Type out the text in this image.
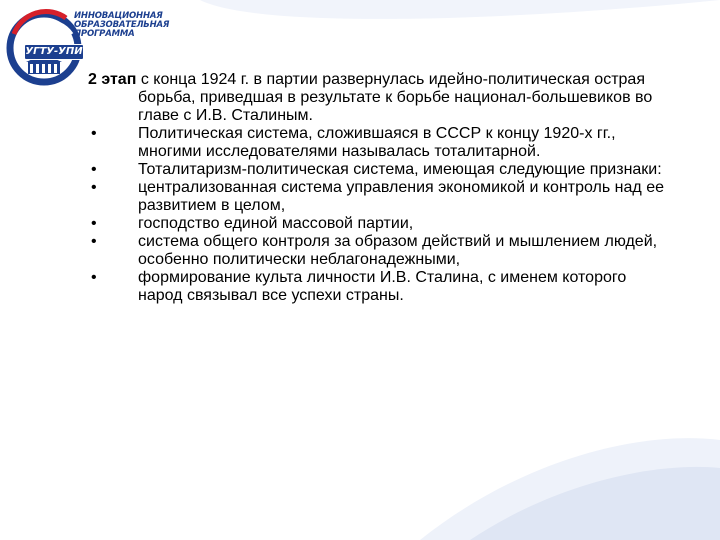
ИННОВАЦИОННАЯ
ОБРАЗОВАТЕЛЬНАЯ
ПРОГРАММА
УГТУ-УПИ

2 этап с конца 1924 г. в партии развернулась идейно-политическая острая борьба, приведшая в результате к борьбе национал-большевиков во главе с И.В. Сталиным.

•	Политическая система, сложившаяся в СССР к концу 1920-х гг., многими исследователями называлась тоталитарной.
•	Тоталитаризм-политическая система, имеющая следующие признаки:
•	централизованная система управления экономикой и контроль над ее развитием в целом,
•	господство единой массовой партии,
•	система общего контроля за образом действий и мышлением людей, особенно политически неблагонадежными,
•	формирование культа личности И.В. Сталина, с именем которого народ связывал все успехи страны.
